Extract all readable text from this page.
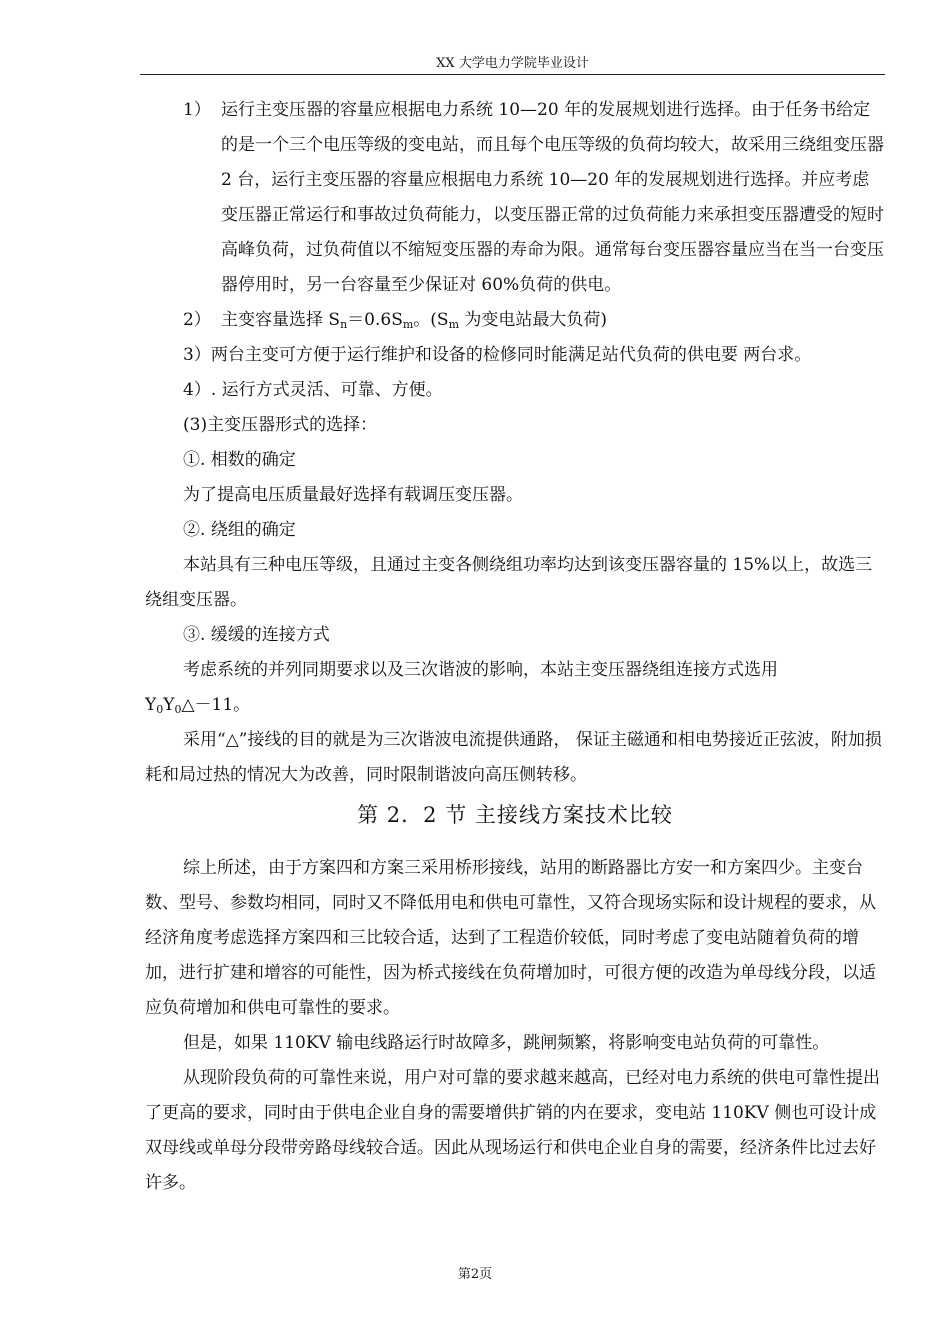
XX 大学电力学院毕业设计
1） 运行主变压器的容量应根据电力系统 10—20 年的发展规划进行选择。由于任务书给定的是一个三个电压等级的变电站，而且每个电压等级的负荷均较大，故采用三绕组变压器 2 台，运行主变压器的容量应根据电力系统 10—20 年的发展规划进行选择。并应考虑变压器正常运行和事故过负荷能力，以变压器正常的过负荷能力来承担变压器遭受的短时高峰负荷，过负荷值以不缩短变压器的寿命为限。通常每台变压器容量应当在当一台变压器停用时，另一台容量至少保证对 60%负荷的供电。
2） 主变容量选择 $S_n=0.6S_m$。($S_m$ 为变电站最大负荷)
3）两台主变可方便于运行维护和设备的检修同时能满足站代负荷的供电要 两台求。
4）. 运行方式灵活、可靠、方便。
(3)主变压器形式的选择：
①. 相数的确定
为了提高电压质量最好选择有载调压变压器。
②. 绕组的确定
本站具有三种电压等级，且通过主变各侧绕组功率均达到该变压器容量的 15%以上，故选三绕组变压器。
③. 缓缓的连接方式
考虑系统的并列同期要求以及三次谐波的影响，本站主变压器绕组连接方式选用
$Y_0Y_0\triangle-11$。
采用“△”接线的目的就是为三次谐波电流提供通路， 保证主磁通和相电势接近正弦波，附加损耗和局过热的情况大为改善，同时限制谐波向高压侧转移。
第 2．2 节 主接线方案技术比较
综上所述，由于方案四和方案三采用桥形接线，站用的断路器比方安一和方案四少。主变台数、型号、参数均相同，同时又不降低用电和供电可靠性，又符合现场实际和设计规程的要求，从经济角度考虑选择方案四和三比较合适，达到了工程造价较低，同时考虑了变电站随着负荷的增加，进行扩建和增容的可能性，因为桥式接线在负荷增加时，可很方便的改造为单母线分段，以适应负荷增加和供电可靠性的要求。
但是，如果 110KV 输电线路运行时故障多，跳闸频繁，将影响变电站负荷的可靠性。
从现阶段负荷的可靠性来说，用户对可靠的要求越来越高，已经对电力系统的供电可靠性提出了更高的要求，同时由于供电企业自身的需要增供扩销的内在要求，变电站 110KV 侧也可设计成双母线或单母分段带旁路母线较合适。因此从现场运行和供电企业自身的需要，经济条件比过去好许多。
第2页
